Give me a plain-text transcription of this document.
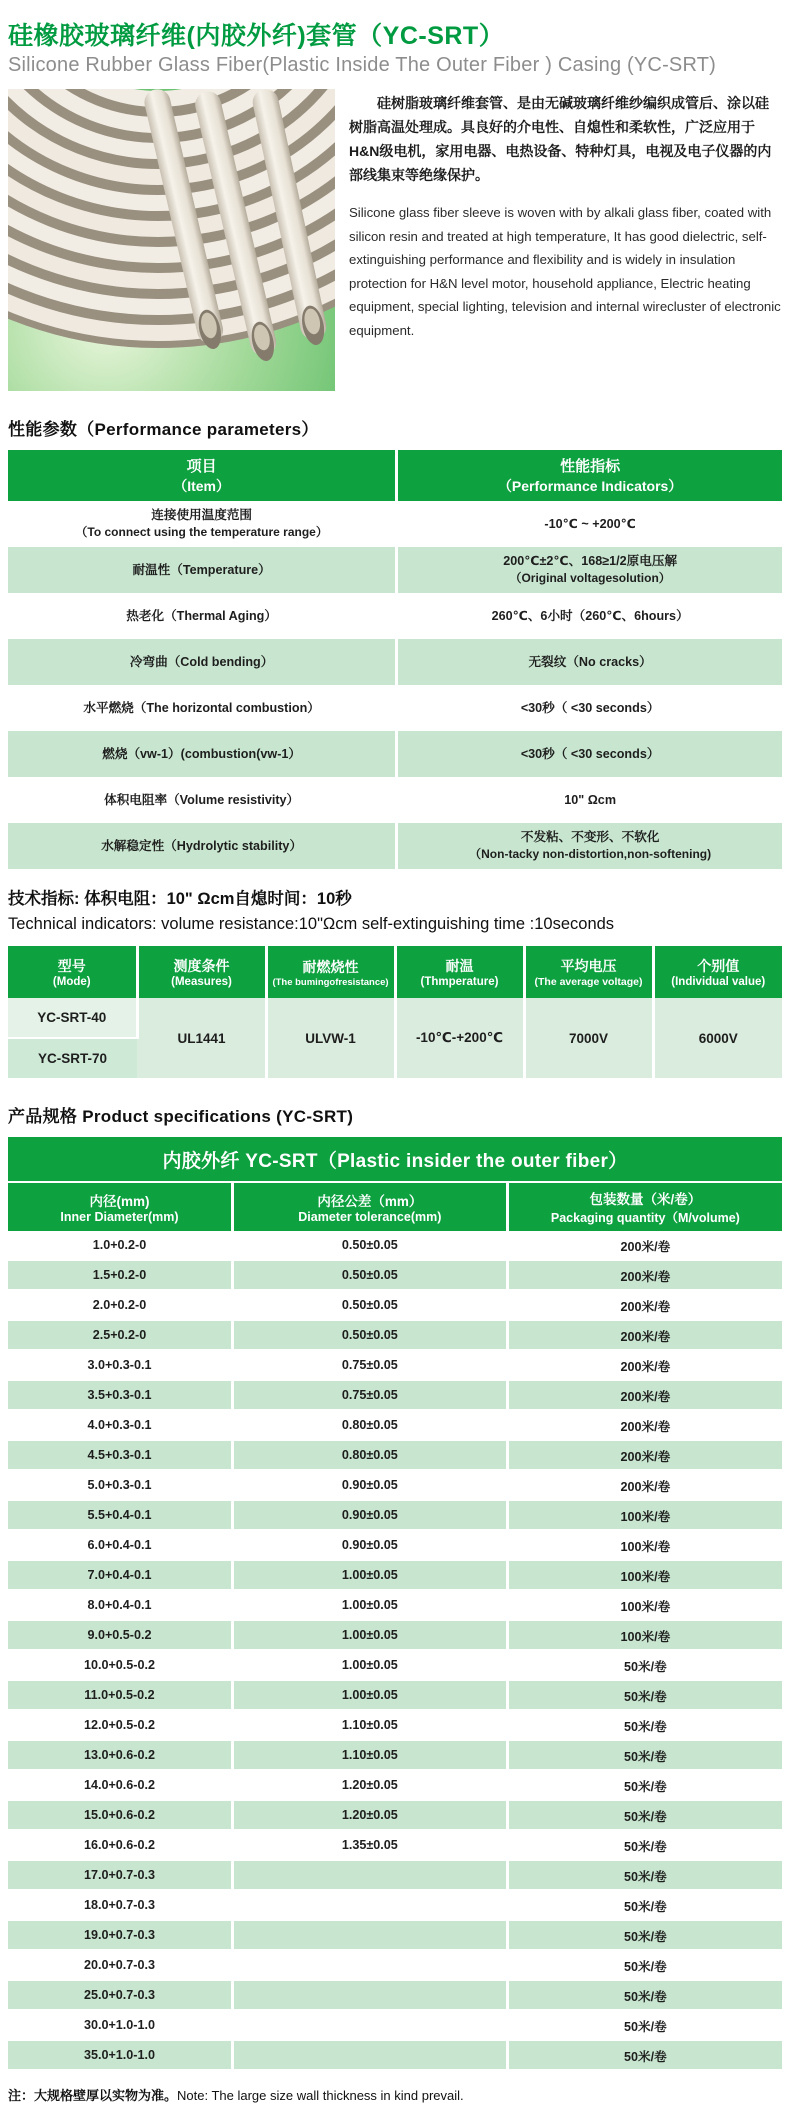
硅橡胶玻璃纤维(内胶外纤)套管（YC-SRT）
Silicone Rubber Glass Fiber(Plastic Inside The Outer Fiber ) Casing (YC-SRT)

硅树脂玻璃纤维套管、是由无碱玻璃纤维纱编织成管后、涂以硅树脂高温处理成。具良好的介电性、自熄性和柔软性，广泛应用于H&N级电机，家用电器、电热设备、特种灯具，电视及电子仪器的内部线集束等绝缘保护。

Silicone glass fiber sleeve is woven with by alkali glass fiber, coated with silicon resin and treated at high temperature, It has good dielectric, self-extinguishing performance and flexibility and is widely in insulation protection for H&N level motor, household appliance, Electric heating equipment, special lighting, television and internal wirecluster of electronic equipment.

性能参数（Performance parameters）
项目
（Item）

性能指标
（Performance Indicators）

连接使用温度范围
（To connect using the temperature range）	-10℃ ~ +200℃

耐温性（Temperature）	200℃±2℃、168≥1/2原电压解
（Original voltagesolution）

热老化（Thermal Aging）	260℃、6小时（260℃、6hours）

冷弯曲（Cold bending）	无裂纹（No cracks）

水平燃烧（The horizontal combustion）	<30秒（ <30 seconds）

燃烧（vw-1）(combustion(vw-1）	<30秒（ <30 seconds）

体积电阻率（Volume resistivity）	10" Ωcm

水解稳定性（Hydrolytic stability）	不发粘、不变形、不软化
（Non-tacky non-distortion,non-softening)
技术指标: 体积电阻：10" Ωcm自熄时间：10秒
Technical indicators: volume resistance:10"Ωcm self-extinguishing time :10seconds
型号
(Mode)

测度条件
(Measures)

耐燃烧性
(The bumingofresistance)

耐温
(Thmperature)

平均电压
(The average voltage)

个别值
(Individual value)

YC-SRT-40	UL1441	ULVW-1	-10℃-+200℃	7000V	6000V
YC-SRT-70					
产品规格 Product specifications (YC-SRT)
内胶外纤 YC-SRT（Plastic insider the outer fiber）		

内径(mm)
Inner Diameter(mm)

内径公差（mm）
Diameter tolerance(mm)

包装数量（米/卷）
Packaging quantity（M/volume)

1.0+0.2-0	0.50±0.05	200米/卷
1.5+0.2-0	0.50±0.05	200米/卷
2.0+0.2-0	0.50±0.05	200米/卷
2.5+0.2-0	0.50±0.05	200米/卷
3.0+0.3-0.1	0.75±0.05	200米/卷
3.5+0.3-0.1	0.75±0.05	200米/卷
4.0+0.3-0.1	0.80±0.05	200米/卷
4.5+0.3-0.1	0.80±0.05	200米/卷
5.0+0.3-0.1	0.90±0.05	200米/卷
5.5+0.4-0.1	0.90±0.05	100米/卷
6.0+0.4-0.1	0.90±0.05	100米/卷
7.0+0.4-0.1	1.00±0.05	100米/卷
8.0+0.4-0.1	1.00±0.05	100米/卷
9.0+0.5-0.2	1.00±0.05	100米/卷
10.0+0.5-0.2	1.00±0.05	50米/卷
11.0+0.5-0.2	1.00±0.05	50米/卷
12.0+0.5-0.2	1.10±0.05	50米/卷
13.0+0.6-0.2	1.10±0.05	50米/卷
14.0+0.6-0.2	1.20±0.05	50米/卷
15.0+0.6-0.2	1.20±0.05	50米/卷
16.0+0.6-0.2	1.35±0.05	50米/卷
17.0+0.7-0.3		50米/卷
18.0+0.7-0.3		50米/卷
19.0+0.7-0.3		50米/卷
20.0+0.7-0.3		50米/卷
25.0+0.7-0.3		50米/卷
30.0+1.0-1.0		50米/卷
35.0+1.0-1.0		50米/卷
注：大规格壁厚以实物为准。Note: The large size wall thickness in kind prevail.
